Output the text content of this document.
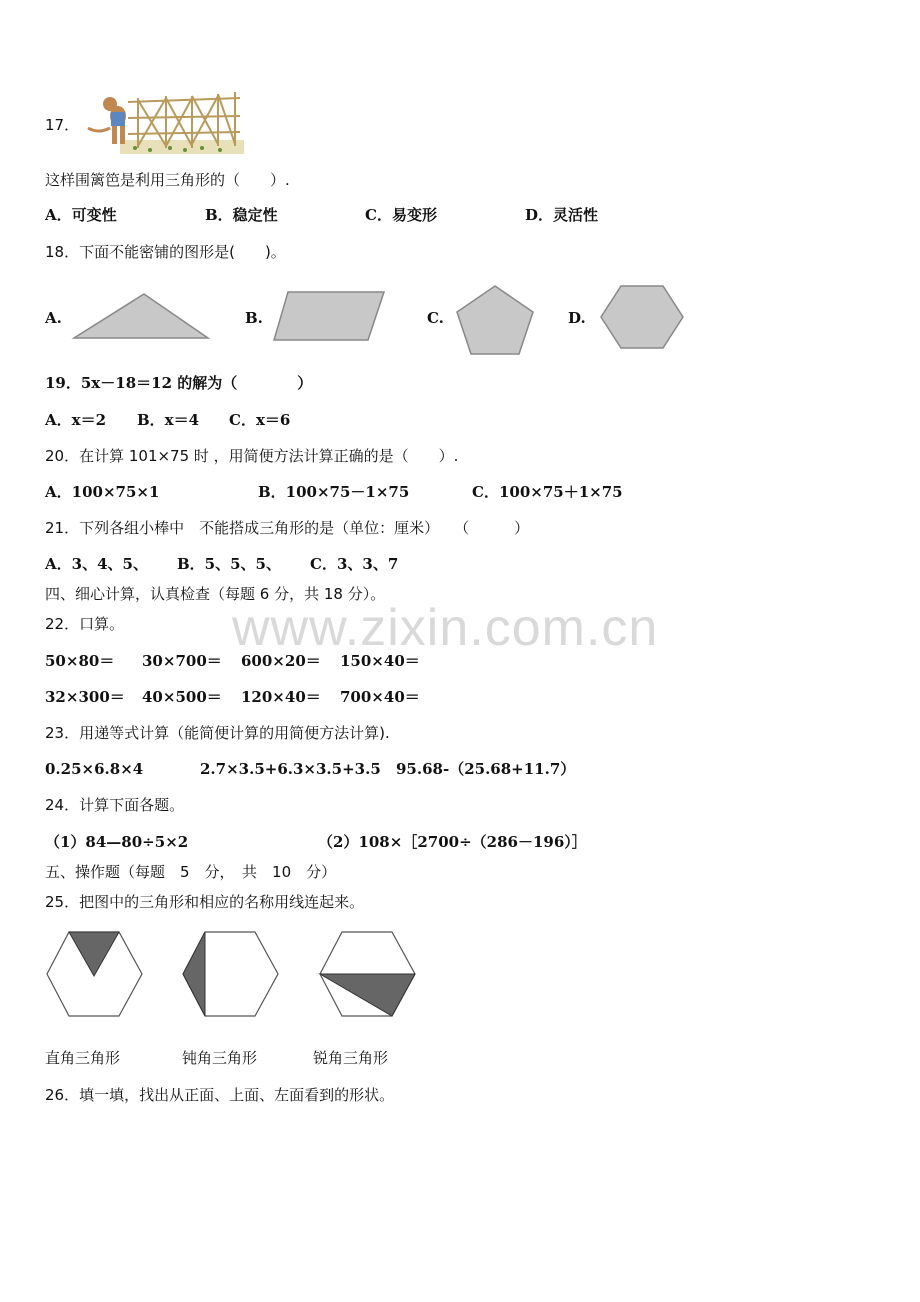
www.zixin.com.cn
17．
这样围篱笆是利用三角形的（　　）.
A．可变性	B．稳定性	C．易变形	D．灵活性
18．下面不能密铺的图形是(　　)。
A.	B.	C.	D.
19．5x－18＝12 的解为（　　　　）
A．x＝2 B．x＝4 C．x＝6
20．在计算 101×75 时 ，用简便方法计算正确的是（　　）.
A．100×75×1	B．100×75－1×75	C．100×75＋1×75
21．下列各组小棒中　不能搭成三角形的是（单位：厘米）　　（　　　）
A．3、4、5、 B．5、5、5、 C．3、3、7
四、细心计算，认真检查（每题 6 分，共 18 分）。
22．口算。
50×80＝ 30×700＝ 600×20＝ 150×40＝
32×300＝ 40×500＝ 120×40＝ 700×40＝
23．用递等式计算（能简便计算的用简便方法计算).
0.25×6.8×4	2.7×3.5+6.3×3.5+3.5 95.68-（25.68+11.7）
24．计算下面各题。
（1）84—80÷5×2	（2）108×［2700÷（286－196）］
五、操作题（每题　5　分，　共　10　分）
25．把图中的三角形和相应的名称用线连起来。
直角三角形	钝角三角形	锐角三角形
26．填一填，找出从正面、上面、左面看到的形状。
